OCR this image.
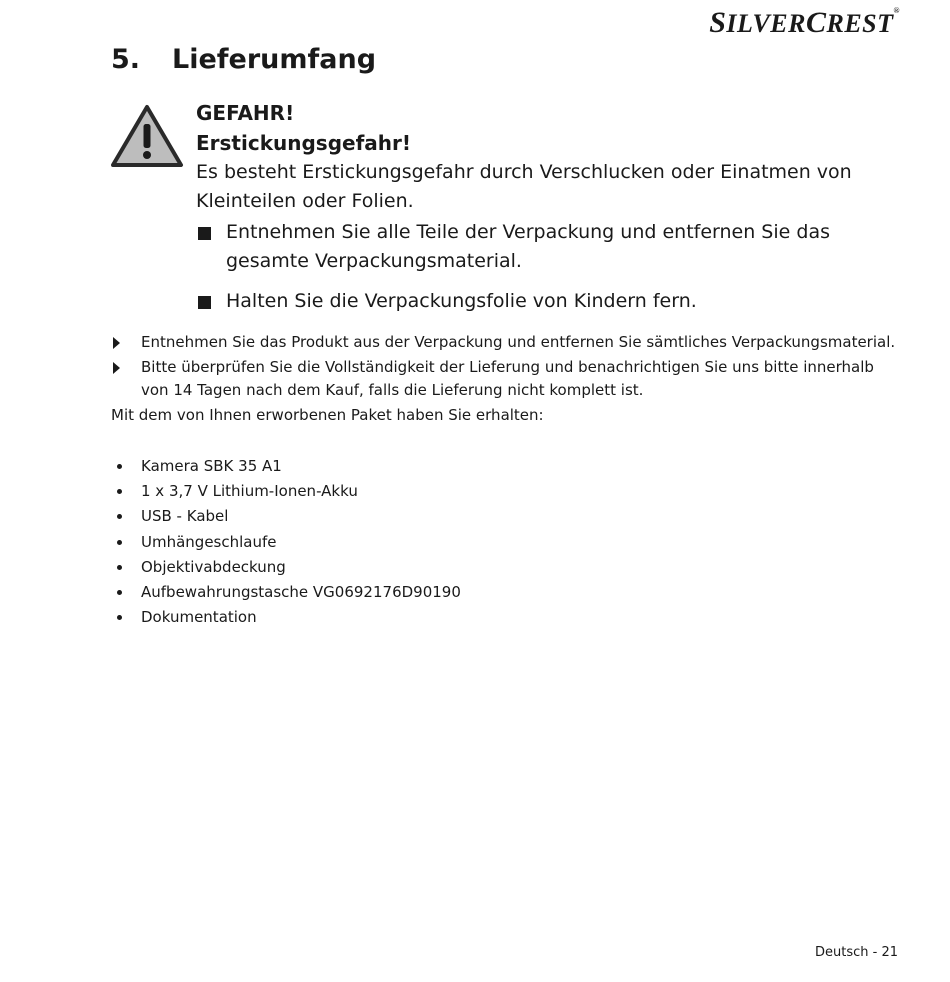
SILVERCREST®
5. Lieferumfang
GEFAHR!
Erstickungsgefahr!
Es besteht Erstickungsgefahr durch Verschlucken oder Einatmen von Kleinteilen oder Folien.
Entnehmen Sie alle Teile der Verpackung und entfernen Sie das gesamte Verpackungsmaterial.
Halten Sie die Verpackungsfolie von Kindern fern.
Entnehmen Sie das Produkt aus der Verpackung und entfernen Sie sämtliches Verpackungsmaterial.
Bitte überprüfen Sie die Vollständigkeit der Lieferung und benachrichtigen Sie uns bitte innerhalb von 14 Tagen nach dem Kauf, falls die Lieferung nicht komplett ist.

Mit dem von Ihnen erworbenen Paket haben Sie erhalten:

Kamera SBK 35 A1
1 x 3,7 V Lithium-Ionen-Akku
USB - Kabel
Umhängeschlaufe
Objektivabdeckung
Aufbewahrungstasche VG0692176D90190
Dokumentation
Deutsch - 21
